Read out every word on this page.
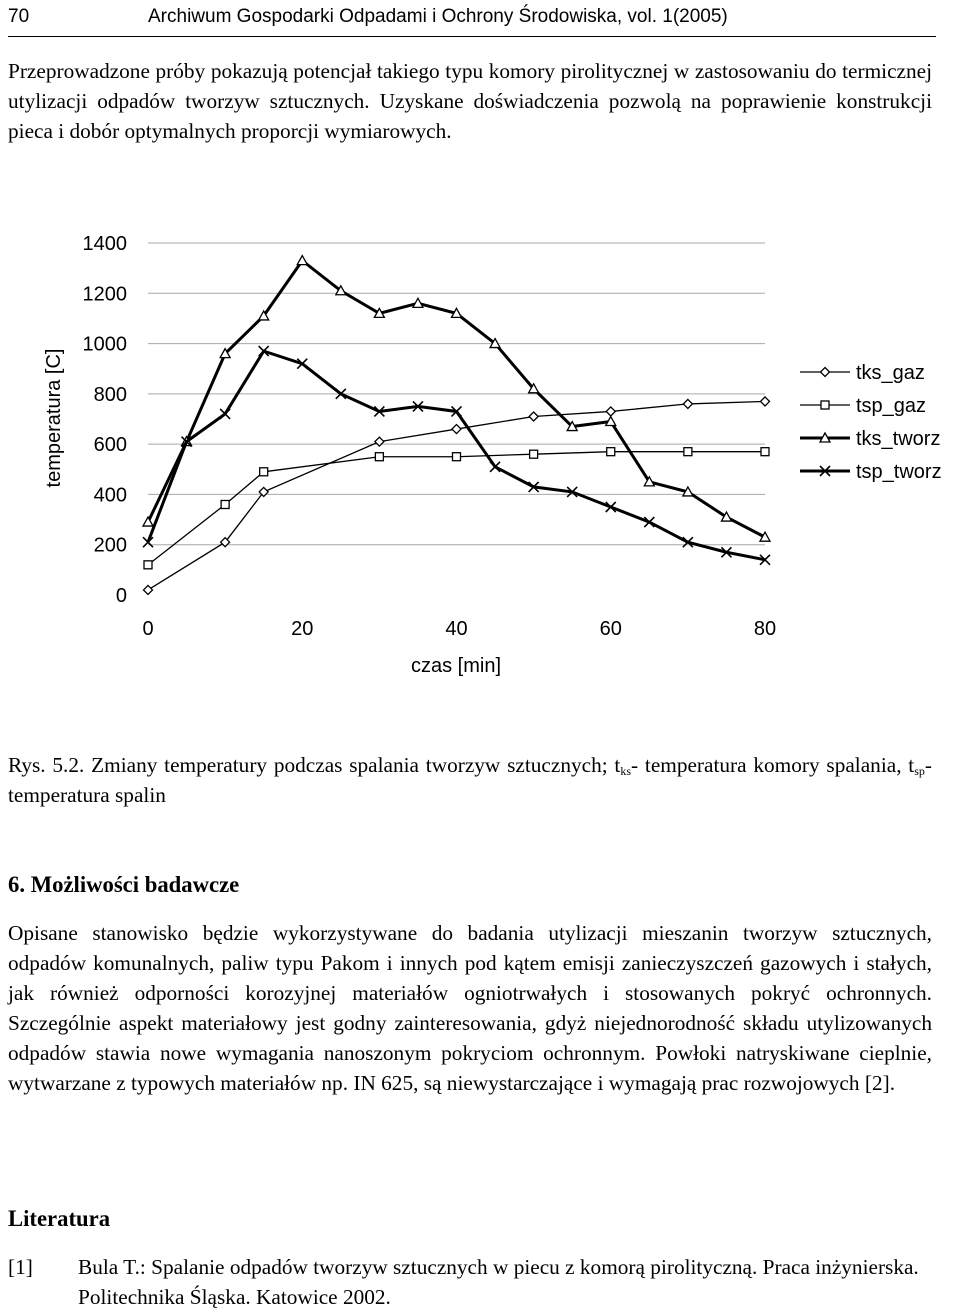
70	Archiwum Gospodarki Odpadami i Ochrony Środowiska, vol. 1(2005)

Przeprowadzone próby pokazują potencjał takiego typu komory pirolitycznej w zastosowaniu do termicznej utylizacji odpadów tworzyw sztucznych. Uzyskane doświadczenia pozwolą na poprawienie konstrukcji pieca i dobór optymalnych proporcji wymiarowych.

0
200
400
600
800
1000
1200
1400
0	20	40	60	80
czas [min]
temperatura [C]	tks_gaz
tsp_gaz
tks_tworz
tsp_tworz

Rys. 5.2. Zmiany temperatury podczas spalania tworzyw sztucznych; $t_{ks}-$ temperatura komory spalania, $t_{sp}-$ temperatura spalin

6. Możliwości badawcze

Opisane stanowisko będzie wykorzystywane do badania utylizacji mieszanin tworzyw sztucznych, odpadów komunalnych, paliw typu Pakom i innych pod kątem emisji zanieczyszczeń gazowych i stałych, jak również odporności korozyjnej materiałów ogniotrwałych i stosowanych pokryć ochronnych. Szczególnie aspekt materiałowy jest godny zainteresowania, gdyż niejednorodność składu utylizowanych odpadów stawia nowe wymagania nanoszonym pokryciom ochronnym. Powłoki natryskiwane cieplnie, wytwarzane z typowych materiałów np. IN 625, są niewystarczające i wymagają prac rozwojowych [2].

Literatura
[1] Bula T.: Spalanie odpadów tworzyw sztucznych w piecu z komorą pirolityczną. Praca inżynierska. Politechnika Śląska. Katowice 2002.
